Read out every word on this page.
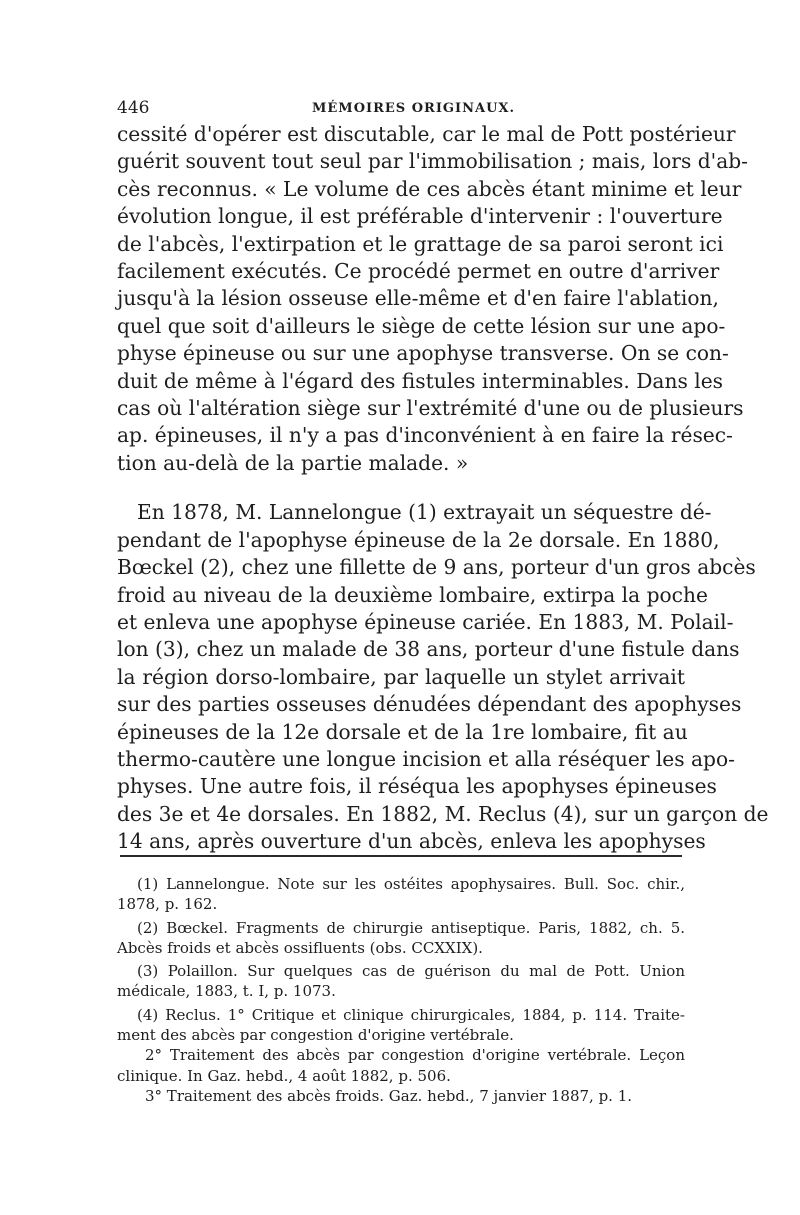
446	MÉMOIRES ORIGINAUX.

cessité d'opérer est discutable, car le mal de Pott postérieur
guérit souvent tout seul par l'immobilisation ; mais, lors d'ab-
cès reconnus. « Le volume de ces abcès étant minime et leur
évolution longue, il est préférable d'intervenir : l'ouverture
de l'abcès, l'extirpation et le grattage de sa paroi seront ici
facilement exécutés. Ce procédé permet en outre d'arriver
jusqu'à la lésion osseuse elle-même et d'en faire l'ablation,
quel que soit d'ailleurs le siège de cette lésion sur une apo-
physe épineuse ou sur une apophyse transverse. On se con-
duit de même à l'égard des fistules interminables. Dans les
cas où l'altération siège sur l'extrémité d'une ou de plusieurs
ap. épineuses, il n'y a pas d'inconvénient à en faire la résec-
tion au-delà de la partie malade. »

En 1878, M. Lannelongue (1) extrayait un séquestre dé-
pendant de l'apophyse épineuse de la 2e dorsale. En 1880,
Bœckel (2), chez une fillette de 9 ans, porteur d'un gros abcès
froid au niveau de la deuxième lombaire, extirpa la poche
et enleva une apophyse épineuse cariée. En 1883, M. Polail-
lon (3), chez un malade de 38 ans, porteur d'une fistule dans
la région dorso-lombaire, par laquelle un stylet arrivait
sur des parties osseuses dénudées dépendant des apophyses
épineuses de la 12e dorsale et de la 1re lombaire, fit au
thermo-cautère une longue incision et alla réséquer les apo-
physes. Une autre fois, il réséqua les apophyses épineuses
des 3e et 4e dorsales. En 1882, M. Reclus (4), sur un garçon de
14 ans, après ouverture d'un abcès, enleva les apophyses

(1) Lannelongue. Note sur les ostéites apophysaires. Bull. Soc. chir.,
1878, p. 162.
(2) Bœckel. Fragments de chirurgie antiseptique. Paris, 1882, ch. 5.
Abcès froids et abcès ossifluents (obs. CCXXIX).
(3) Polaillon. Sur quelques cas de guérison du mal de Pott. Union
médicale, 1883, t. I, p. 1073.
(4) Reclus. 1° Critique et clinique chirurgicales, 1884, p. 114. Traite-
ment des abcès par congestion d'origine vertébrale.
2° Traitement des abcès par congestion d'origine vertébrale. Leçon
clinique. In Gaz. hebd., 4 août 1882, p. 506.
3° Traitement des abcès froids. Gaz. hebd., 7 janvier 1887, p. 1.
